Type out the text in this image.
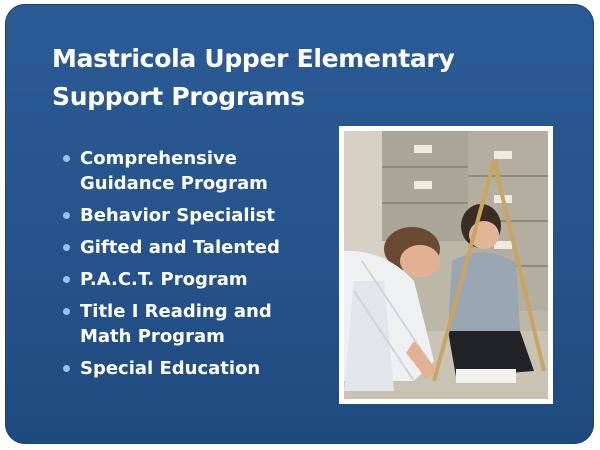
Mastricola Upper Elementary
Support Programs
Comprehensive
Guidance Program
Behavior Specialist
Gifted and Talented
P.A.C.T. Program
Title I Reading and
Math Program
Special Education
